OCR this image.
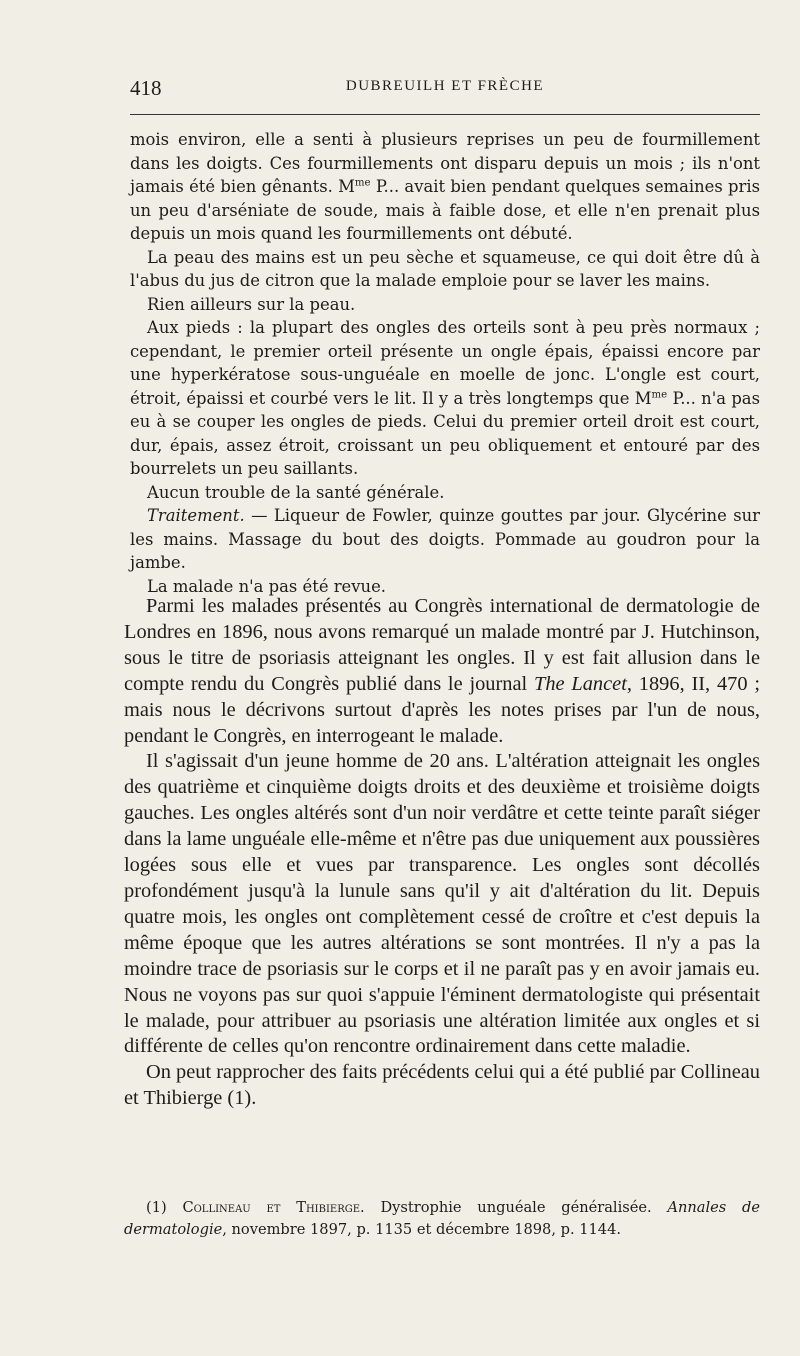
418	DUBREUILH ET FRÈCHE

mois environ, elle a senti à plusieurs reprises un peu de fourmillement dans les doigts. Ces fourmillements ont disparu depuis un mois ; ils n'ont jamais été bien gênants. $M^{me}$ P... avait bien pendant quelques semaines pris un peu d'arséniate de soude, mais à faible dose, et elle n'en prenait plus depuis un mois quand les fourmillements ont débuté.

La peau des mains est un peu sèche et squameuse, ce qui doit être dû à l'abus du jus de citron que la malade emploie pour se laver les mains.

Rien ailleurs sur la peau.

Aux pieds : la plupart des ongles des orteils sont à peu près normaux ; cependant, le premier orteil présente un ongle épais, épaissi encore par une hyperkératose sous-unguéale en moelle de jonc. L'ongle est court, étroit, épaissi et courbé vers le lit. Il y a très longtemps que $M^{me}$ P... n'a pas eu à se couper les ongles de pieds. Celui du premier orteil droit est court, dur, épais, assez étroit, croissant un peu obliquement et entouré par des bourrelets un peu saillants.

Aucun trouble de la santé générale.

Traitement. — Liqueur de Fowler, quinze gouttes par jour. Glycérine sur les mains. Massage du bout des doigts. Pommade au goudron pour la jambe.

La malade n'a pas été revue.

Parmi les malades présentés au Congrès international de dermatologie de Londres en 1896, nous avons remarqué un malade montré par J. Hutchinson, sous le titre de psoriasis atteignant les ongles. Il y est fait allusion dans le compte rendu du Congrès publié dans le journal The Lancet, 1896, II, 470 ; mais nous le décrivons surtout d'après les notes prises par l'un de nous, pendant le Congrès, en interrogeant le malade.

Il s'agissait d'un jeune homme de 20 ans. L'altération atteignait les ongles des quatrième et cinquième doigts droits et des deuxième et troisième doigts gauches. Les ongles altérés sont d'un noir verdâtre et cette teinte paraît siéger dans la lame unguéale elle-même et n'être pas due uniquement aux poussières logées sous elle et vues par transparence. Les ongles sont décollés profondément jusqu'à la lunule sans qu'il y ait d'altération du lit. Depuis quatre mois, les ongles ont complètement cessé de croître et c'est depuis la même époque que les autres altérations se sont montrées. Il n'y a pas la moindre trace de psoriasis sur le corps et il ne paraît pas y en avoir jamais eu. Nous ne voyons pas sur quoi s'appuie l'éminent dermatologiste qui présentait le malade, pour attribuer au psoriasis une altération limitée aux ongles et si différente de celles qu'on rencontre ordinairement dans cette maladie.

On peut rapprocher des faits précédents celui qui a été publié par Collineau et Thibierge (1).

(1) Collineau et Thibierge. Dystrophie unguéale généralisée. Annales de dermatologie, novembre 1897, p. 1135 et décembre 1898, p. 1144.
